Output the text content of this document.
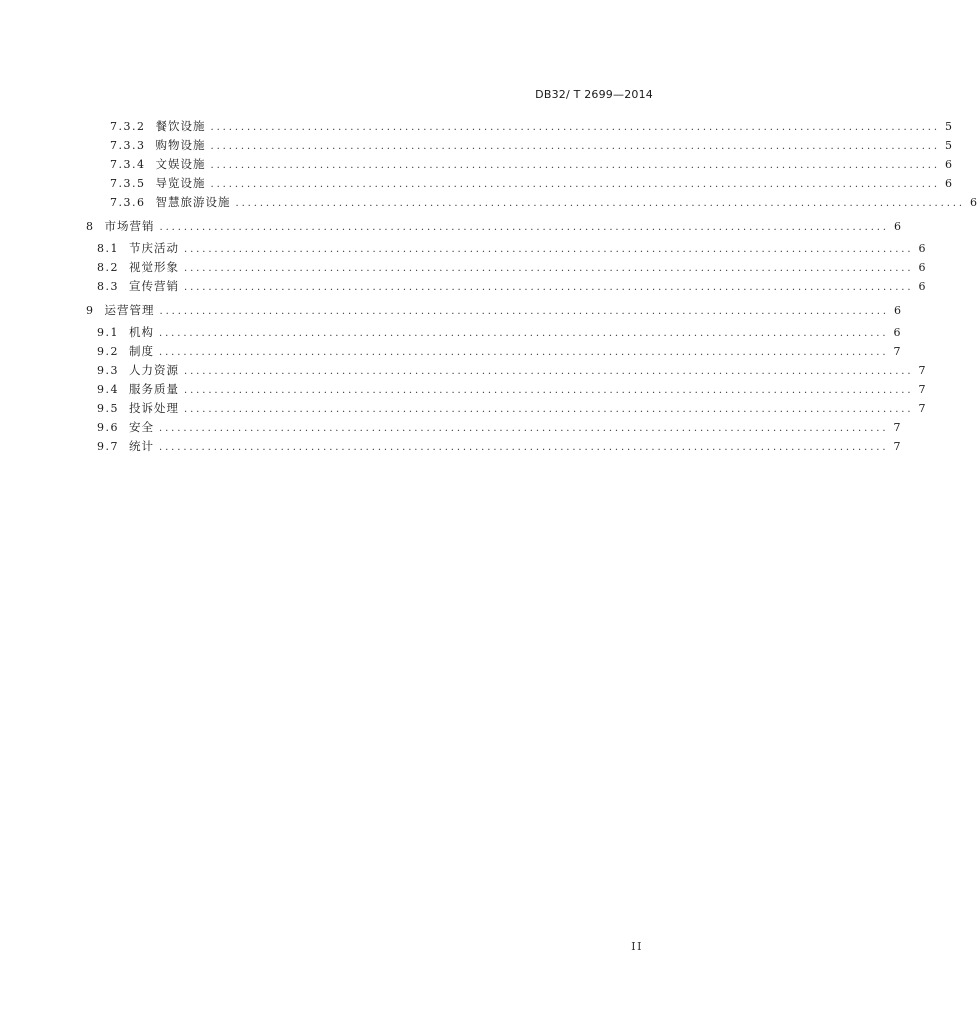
DB32/ T 2699—2014
7.3.2 餐饮设施 ........................................................................................................................ 5
7.3.3 购物设施 ........................................................................................................................ 5
7.3.4 文娱设施 ........................................................................................................................ 6
7.3.5 导览设施 ........................................................................................................................ 6
7.3.6 智慧旅游设施 ........................................................................................................................ 6
8 市场营销 ........................................................................................................................ 6
8.1 节庆活动 ........................................................................................................................ 6
8.2 视觉形象 ........................................................................................................................ 6
8.3 宣传营销 ........................................................................................................................ 6
9 运营管理 ........................................................................................................................ 6
9.1 机构 ........................................................................................................................ 6
9.2 制度 ........................................................................................................................ 7
9.3 人力资源 ........................................................................................................................ 7
9.4 服务质量 ........................................................................................................................ 7
9.5 投诉处理 ........................................................................................................................ 7
9.6 安全 ........................................................................................................................ 7
9.7 统计 ........................................................................................................................ 7
II
